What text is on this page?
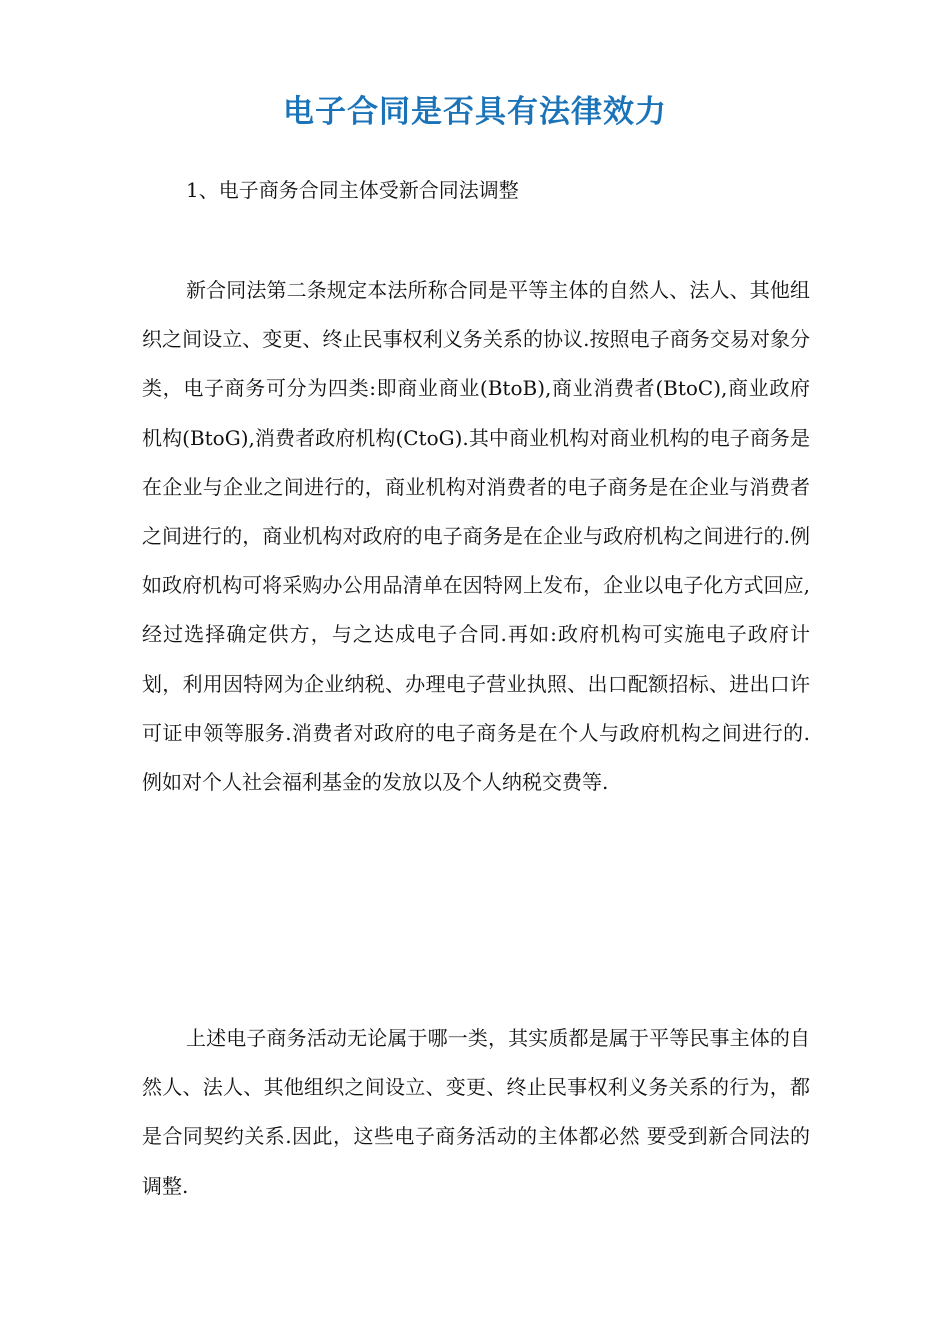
电子合同是否具有法律效力

1、电子商务合同主体受新合同法调整

新合同法第二条规定本法所称合同是平等主体的自然人、法人、其他组织之间设立、变更、终止民事权利义务关系的协议.按照电子商务交易对象分类，电子商务可分为四类:即商业商业(BtoB),商业消费者(BtoC),商业政府机构(BtoG),消费者政府机构(CtoG).其中商业机构对商业机构的电子商务是在企业与企业之间进行的，商业机构对消费者的电子商务是在企业与消费者之间进行的，商业机构对政府的电子商务是在企业与政府机构之间进行的.例如政府机构可将采购办公用品清单在因特网上发布，企业以电子化方式回应,经过选择确定供方，与之达成电子合同.再如:政府机构可实施电子政府计划，利用因特网为企业纳税、办理电子营业执照、出口配额招标、进出口许可证申领等服务.消费者对政府的电子商务是在个人与政府机构之间进行的.例如对个人社会福利基金的发放以及个人纳税交费等.

上述电子商务活动无论属于哪一类，其实质都是属于平等民事主体的自然人、法人、其他组织之间设立、变更、终止民事权利义务关系的行为，都是合同契约关系.因此，这些电子商务活动的主体都必然 要受到新合同法的调整.
